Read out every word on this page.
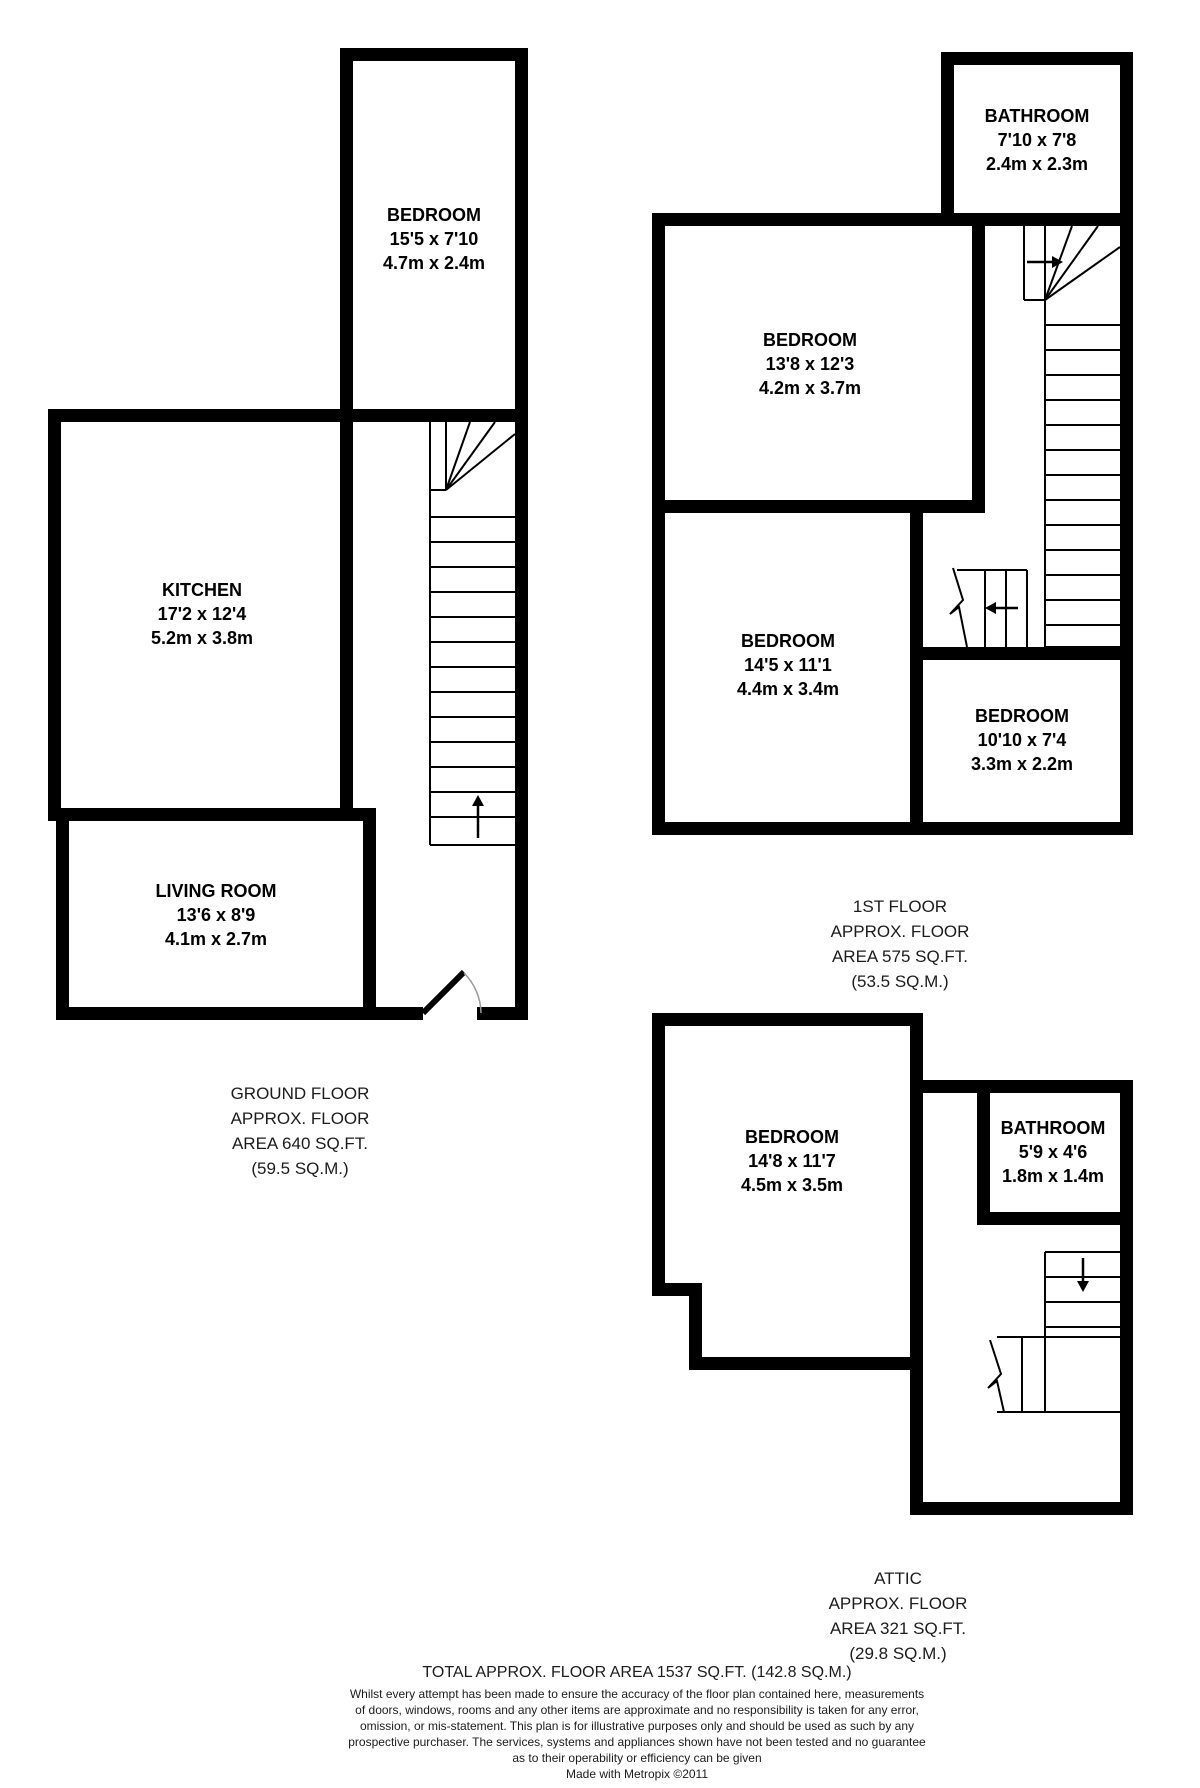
BEDROOM
15'5 x 7'10
4.7m x 2.4m
KITCHEN
17'2 x 12'4
5.2m x 3.8m
LIVING ROOM
13'6 x 8'9
4.1m x 2.7m
BATHROOM
7'10 x 7'8
2.4m x 2.3m
BEDROOM
13'8 x 12'3
4.2m x 3.7m
BEDROOM
14'5 x 11'1
4.4m x 3.4m
BEDROOM
10'10 x 7'4
3.3m x 2.2m
BEDROOM
14'8 x 11'7
4.5m x 3.5m
BATHROOM
5'9 x 4'6
1.8m x 1.4m
GROUND FLOOR
APPROX. FLOOR
AREA 640 SQ.FT.
(59.5 SQ.M.)
1ST FLOOR
APPROX. FLOOR
AREA 575 SQ.FT.
(53.5 SQ.M.)
ATTIC
APPROX. FLOOR
AREA 321 SQ.FT.
(29.8 SQ.M.)
TOTAL APPROX. FLOOR AREA 1537 SQ.FT. (142.8 SQ.M.)
Whilst every attempt has been made to ensure the accuracy of the floor plan contained here, measurements
of doors, windows, rooms and any other items are approximate and no responsibility is taken for any error,
omission, or mis-statement. This plan is for illustrative purposes only and should be used as such by any
prospective purchaser. The services, systems and appliances shown have not been tested and no guarantee
as to their operability or efficiency can be given
Made with Metropix ©2011
